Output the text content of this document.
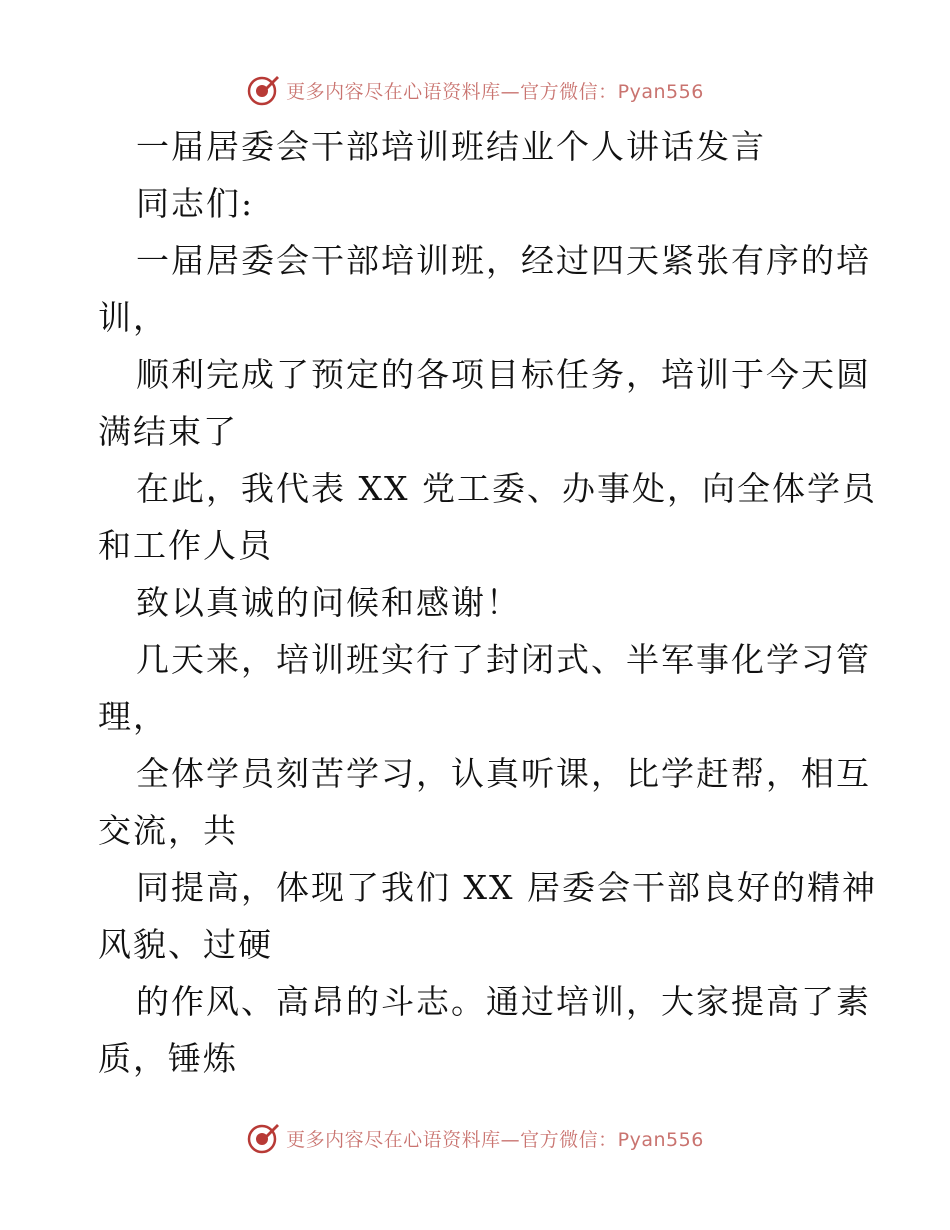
更多内容尽在心语资料库—官方微信：Pyan556
一届居委会干部培训班结业个人讲话发言
同志们:
一届居委会干部培训班，经过四天紧张有序的培
训，
顺利完成了预定的各项目标任务，培训于今天圆
满结束了
在此，我代表 XX 党工委、办事处，向全体学员
和工作人员
致以真诚的问候和感谢！
几天来，培训班实行了封闭式、半军事化学习管
理，
全体学员刻苦学习，认真听课，比学赶帮，相互
交流，共
同提高，体现了我们 XX 居委会干部良好的精神
风貌、过硬
的作风、高昂的斗志。通过培训，大家提高了素
质，锤炼
更多内容尽在心语资料库—官方微信：Pyan556
